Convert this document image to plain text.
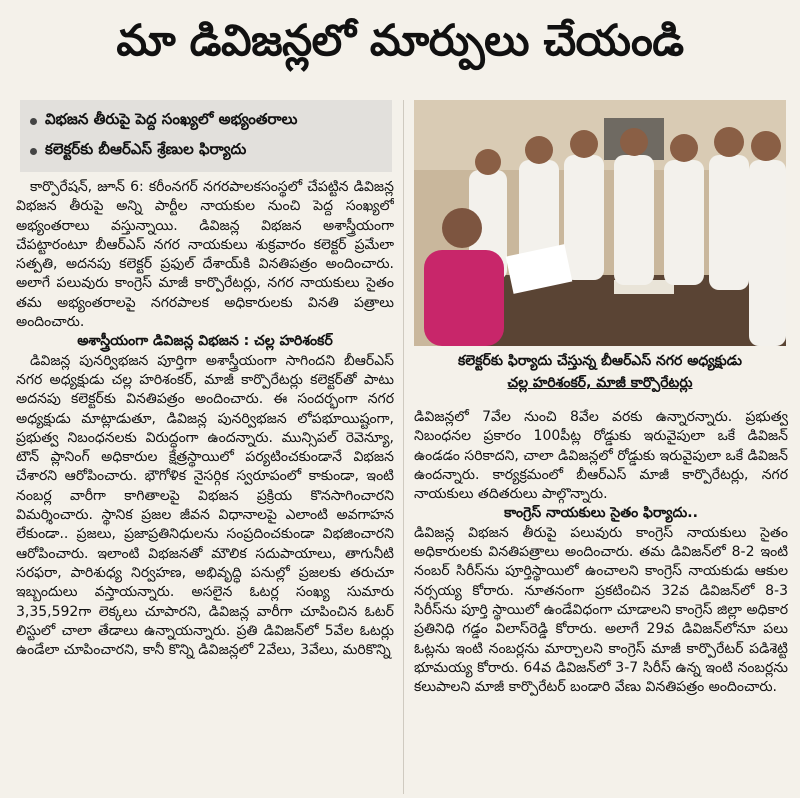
మా డివిజన్లలో మార్పులు చేయండి
విభజన తీరుపై పెద్ద సంఖ్యలో అభ్యంతరాలు
కలెక్టర్‌కు బీఆర్‌ఎస్ శ్రేణుల ఫిర్యాదు

కార్పొరేషన్, జూన్ 6: కరీంనగర్ నగరపాలకసంస్థలో చేపట్టిన డివిజన్ల విభజన తీరుపై అన్ని పార్టీల నాయకుల నుంచి పెద్ద సంఖ్యలో అభ్యంతరాలు వస్తున్నాయి. డివిజన్ల విభజన అశాస్త్రీయంగా చేపట్టారంటూ బీఆర్‌ఎస్ నగర నాయకులు శుక్రవారం కలెక్టర్ ప్రమేలా సత్పతి, అదనపు కలెక్టర్ ప్రఫుల్ దేశాయ్‌కి వినతిపత్రం అందించారు. అలాగే పలువురు కాంగ్రెస్ మాజీ కార్పొరేటర్లు, నగర నాయకులు సైతం తమ అభ్యంతరాలపై నగరపాలక అధికారులకు వినతి పత్రాలు అందించారు.

అశాస్త్రీయంగా డివిజన్ల విభజన : చల్ల హరిశంకర్

డివిజన్ల పునర్విభజన పూర్తిగా అశాస్త్రీయంగా సాగిందని బీఆర్‌ఎస్ నగర అధ్యక్షుడు చల్ల హరిశంకర్, మాజీ కార్పొరేటర్లు కలెక్టర్‌తో పాటు అదనపు కలెక్టర్‌కు వినతిపత్రం అందించారు. ఈ సందర్భంగా నగర అధ్యక్షుడు మాట్లాడుతూ, డివిజన్ల పునర్విభజన లోపభూయిష్టంగా, ప్రభుత్వ నిబంధనలకు విరుద్ధంగా ఉందన్నారు. మున్సిపల్ రెవెన్యూ, టౌన్ ప్లానింగ్ అధికారుల క్షేత్రస్థాయిలో పర్యటించకుండానే విభజన చేశారని ఆరోపించారు. భౌగోళిక నైసర్గిక స్వరూపంలో కాకుండా, ఇంటి నంబర్ల వారీగా కాగితాలపై విభజన ప్రక్రియ కొనసాగించారని విమర్శించారు. స్థానిక ప్రజల జీవన విధానాలపై ఎలాంటి అవగాహన లేకుండా.. ప్రజలు, ప్రజాప్రతినిధులను సంప్రదించకుండా విభజించారని ఆరోపించారు. ఇలాంటి విభజనతో మౌలిక సదుపాయాలు, తాగునీటి సరఫరా, పారిశుధ్య నిర్వహణ, అభివృద్ధి పనుల్లో ప్రజలకు తరుచూ ఇబ్బందులు వస్తాయన్నారు. అసలైన ఓటర్ల సంఖ్య సుమారు 3,35,592గా లెక్కలు చూపారని, డివిజన్ల వారీగా చూపించిన ఓటర్ లిస్టులో చాలా తేడాలు ఉన్నాయన్నారు. ప్రతి డివిజన్‌లో 5వేల ఓటర్లు ఉండేలా చూపించారని, కానీ కొన్ని డివిజన్లలో 2వేలు, 3వేలు, మరికొన్ని

కలెక్టర్‌కు ఫిర్యాదు చేస్తున్న బీఆర్‌ఎస్ నగర అధ్యక్షుడు
చల్ల హరిశంకర్, మాజీ కార్పొరేటర్లు

డివిజన్లలో 7వేల నుంచి 8వేల వరకు ఉన్నారన్నారు. ప్రభుత్వ నిబంధనల ప్రకారం 100పీట్ల రోడ్డుకు ఇరువైపులా ఒకే డివిజన్ ఉండడం సరికాదని, చాలా డివిజన్లలో రోడ్డుకు ఇరువైపులా ఒకే డివిజన్ ఉందన్నారు. కార్యక్రమంలో బీఆర్‌ఎస్ మాజీ కార్పొరేటర్లు, నగర నాయకులు తదితరులు పాల్గొన్నారు.

కాంగ్రెస్ నాయకులు సైతం ఫిర్యాదు..

డివిజన్ల విభజన తీరుపై పలువురు కాంగ్రెస్ నాయకులు సైతం అధికారులకు వినతిపత్రాలు అందించారు. తమ డివిజన్‌లో 8-2 ఇంటి నంబర్ సిరీస్‌ను పూర్తిస్థాయిలో ఉంచాలని కాంగ్రెస్ నాయకుడు ఆకుల నర్సయ్య కోరారు. నూతనంగా ప్రకటించిన 32వ డివిజన్‌లో 8-3 సిరీస్‌ను పూర్తి స్థాయిలో ఉండేవిధంగా చూడాలని కాంగ్రెస్ జిల్లా అధికార ప్రతినిధి గడ్డం విలాస్‌రెడ్డి కోరారు. అలాగే 29వ డివిజన్‌లోనూ పలు ఓట్లను ఇంటి నంబర్లను మార్చాలని కాంగ్రెస్ మాజీ కార్పొరేటర్ పడిశెట్టి భూమయ్య కోరారు. 64వ డివిజన్‌లో 3-7 సిరీస్ ఉన్న ఇంటి నంబర్లను కలుపాలని మాజీ కార్పొరేటర్ బండారి వేణు వినతిపత్రం అందించారు.
